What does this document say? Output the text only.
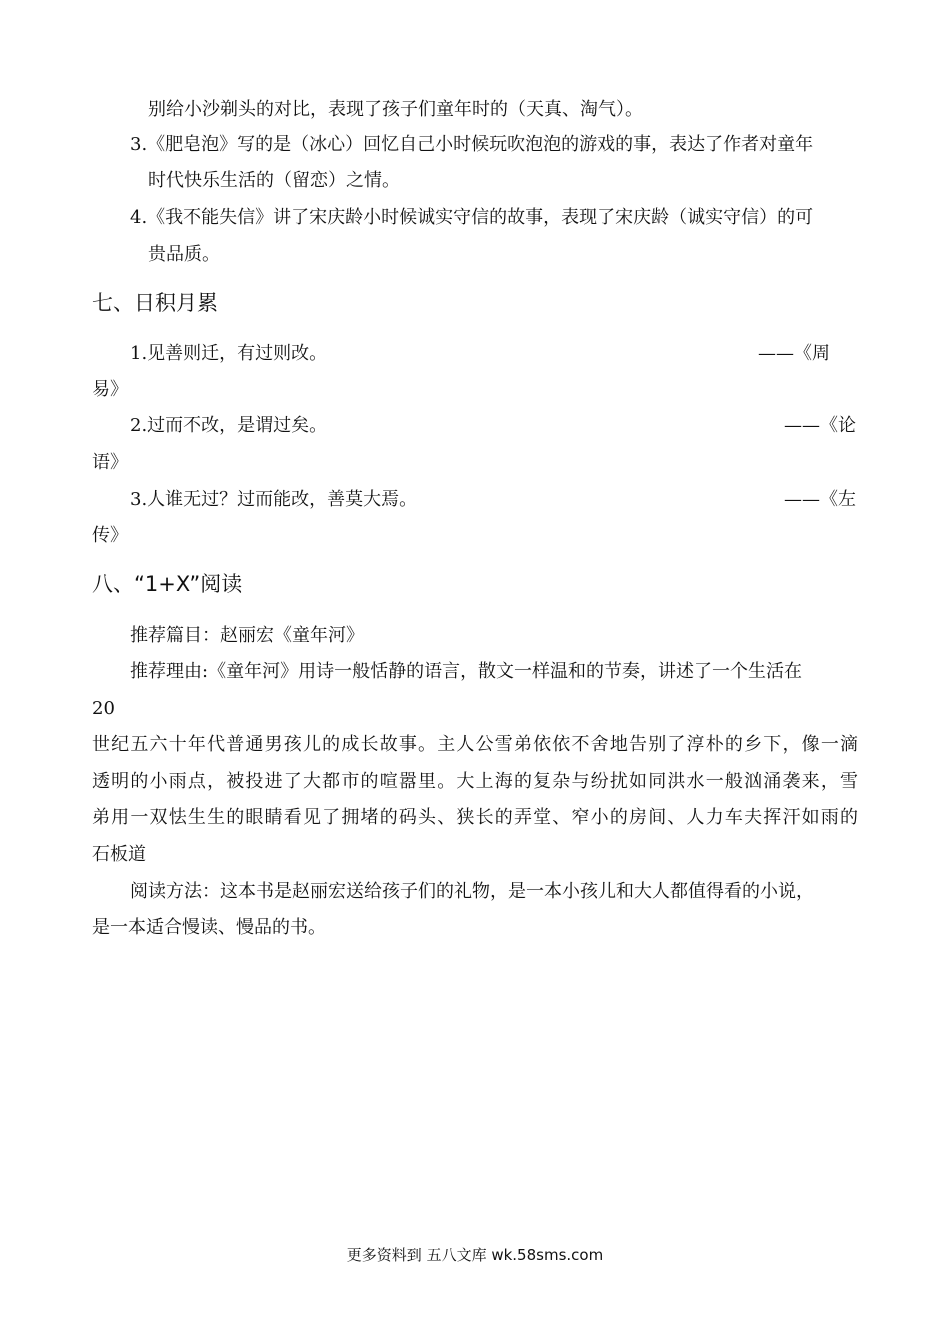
别给小沙剃头的对比，表现了孩子们童年时的（天真、淘气）。
3.《肥皂泡》写的是（冰心）回忆自己小时候玩吹泡泡的游戏的事，表达了作者对童年
时代快乐生活的（留恋）之情。
4.《我不能失信》讲了宋庆龄小时候诚实守信的故事，表现了宋庆龄（诚实守信）的可
贵品质。
七、日积月累
1.见善则迁，有过则改。	——《周
易》
2.过而不改，是谓过矣。	——《论
语》
3.人谁无过？过而能改，善莫大焉。	——《左
传》
八、“1+X”阅读
推荐篇目：赵丽宏《童年河》
推荐理由:《童年河》用诗一般恬静的语言，散文一样温和的节奏，讲述了一个生活在
20
世纪五六十年代普通男孩儿的成长故事。主人公雪弟依依不舍地告别了淳朴的乡下，像一滴
透明的小雨点，被投进了大都市的喧嚣里。大上海的复杂与纷扰如同洪水一般汹涌袭来，雪
弟用一双怯生生的眼睛看见了拥堵的码头、狭长的弄堂、窄小的房间、人力车夫挥汗如雨的
石板道
阅读方法：这本书是赵丽宏送给孩子们的礼物，是一本小孩儿和大人都值得看的小说，
是一本适合慢读、慢品的书。
更多资料到 五八文库 wk.58sms.com
